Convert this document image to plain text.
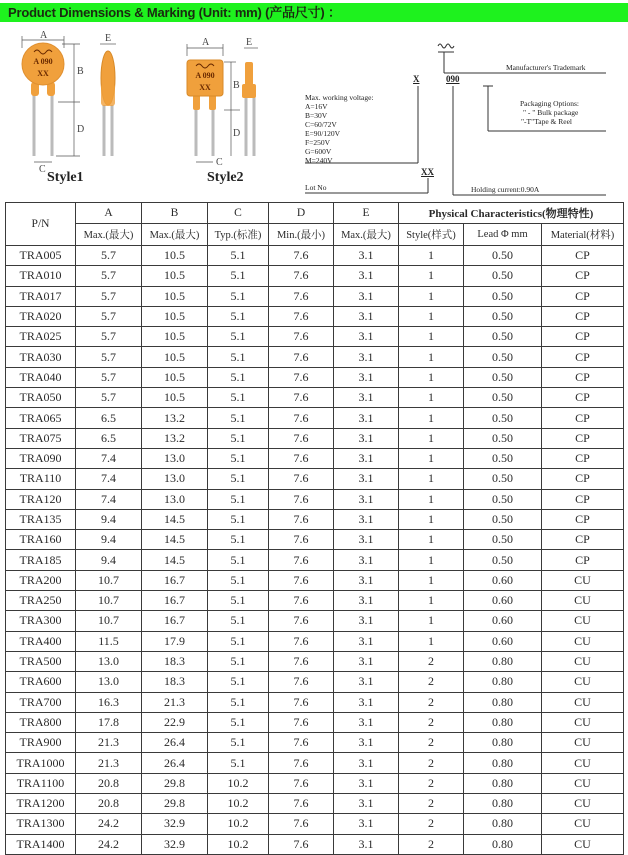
Product Dimensions & Marking (Unit: mm) (产品尺寸) ：
Style1	Style2
A 090
XX	A 090
XX
A
B
C
D
E	A
B
C
D
E
X	090
XX
Manufacturer's Trademark
Max. working voltage:
A=16V
B=30V
C=60/72V
E=90/120V
F=250V
G=600V
M=240V
Packaging Options:
" - " Bulk package
"-T"Tape & Reel
Lot No	Holding current:0.90A
P/N	A	B	C	D	E	Physical Characteristics(物理特性)		
	Max.(最大)	Max.(最大)	Typ.(标准)	Min.(最小)	Max.(最大)	Style(样式)	Lead Φ mm	Material(材料)
TRA005	5.7	10.5	5.1	7.6	3.1	1	0.50	CP
TRA010	5.7	10.5	5.1	7.6	3.1	1	0.50	CP
TRA017	5.7	10.5	5.1	7.6	3.1	1	0.50	CP
TRA020	5.7	10.5	5.1	7.6	3.1	1	0.50	CP
TRA025	5.7	10.5	5.1	7.6	3.1	1	0.50	CP
TRA030	5.7	10.5	5.1	7.6	3.1	1	0.50	CP
TRA040	5.7	10.5	5.1	7.6	3.1	1	0.50	CP
TRA050	5.7	10.5	5.1	7.6	3.1	1	0.50	CP
TRA065	6.5	13.2	5.1	7.6	3.1	1	0.50	CP
TRA075	6.5	13.2	5.1	7.6	3.1	1	0.50	CP
TRA090	7.4	13.0	5.1	7.6	3.1	1	0.50	CP
TRA110	7.4	13.0	5.1	7.6	3.1	1	0.50	CP
TRA120	7.4	13.0	5.1	7.6	3.1	1	0.50	CP
TRA135	9.4	14.5	5.1	7.6	3.1	1	0.50	CP
TRA160	9.4	14.5	5.1	7.6	3.1	1	0.50	CP
TRA185	9.4	14.5	5.1	7.6	3.1	1	0.50	CP
TRA200	10.7	16.7	5.1	7.6	3.1	1	0.60	CU
TRA250	10.7	16.7	5.1	7.6	3.1	1	0.60	CU
TRA300	10.7	16.7	5.1	7.6	3.1	1	0.60	CU
TRA400	11.5	17.9	5.1	7.6	3.1	1	0.60	CU
TRA500	13.0	18.3	5.1	7.6	3.1	2	0.80	CU
TRA600	13.0	18.3	5.1	7.6	3.1	2	0.80	CU
TRA700	16.3	21.3	5.1	7.6	3.1	2	0.80	CU
TRA800	17.8	22.9	5.1	7.6	3.1	2	0.80	CU
TRA900	21.3	26.4	5.1	7.6	3.1	2	0.80	CU
TRA1000	21.3	26.4	5.1	7.6	3.1	2	0.80	CU
TRA1100	20.8	29.8	10.2	7.6	3.1	2	0.80	CU
TRA1200	20.8	29.8	10.2	7.6	3.1	2	0.80	CU
TRA1300	24.2	32.9	10.2	7.6	3.1	2	0.80	CU
TRA1400	24.2	32.9	10.2	7.6	3.1	2	0.80	CU
